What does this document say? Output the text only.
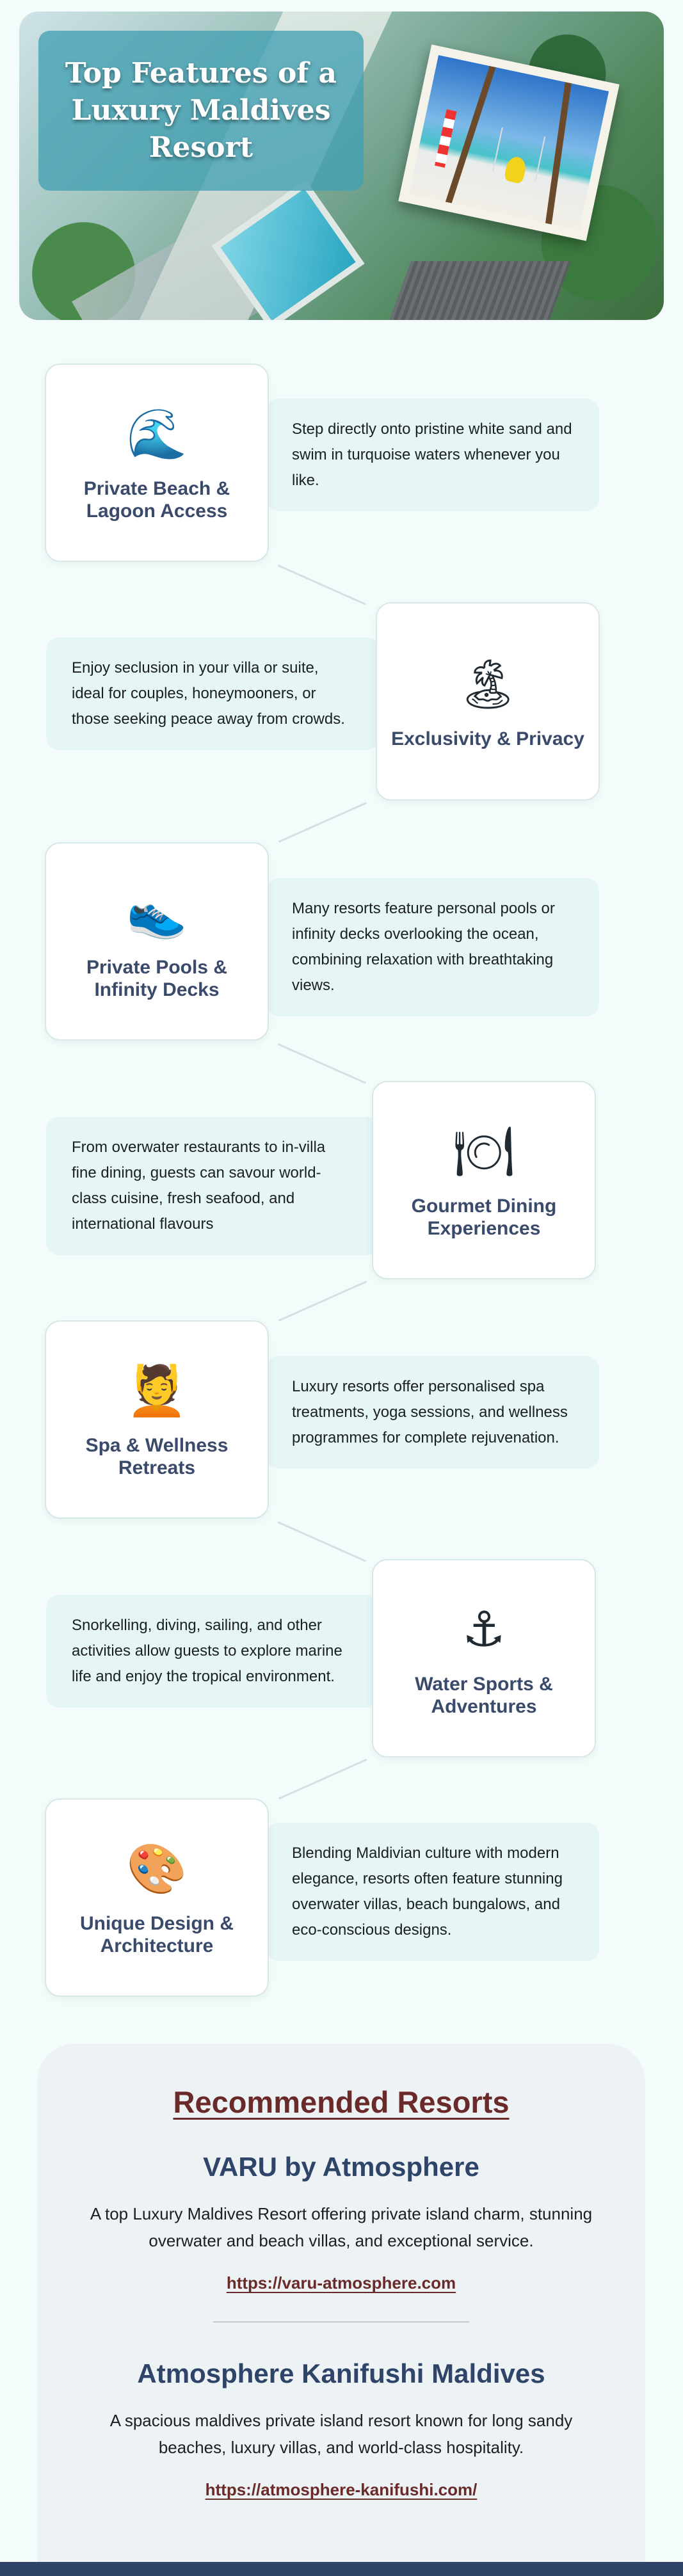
Top Features of a Luxury Maldives Resort
Step directly onto pristine white sand and swim in turquoise waters whenever you like.
🌊
Private Beach & Lagoon Access
Enjoy seclusion in your villa or suite, ideal for couples, honeymooners, or those seeking peace away from crowds.
🏝
Exclusivity & Privacy
Many resorts feature personal pools or infinity decks overlooking the ocean, combining relaxation with breathtaking views.
👟
Private Pools & Infinity Decks
From overwater restaurants to in-villa fine dining, guests can savour world-class cuisine, fresh seafood, and international flavours
🍽
Gourmet Dining Experiences
Luxury resorts offer personalised spa treatments, yoga sessions, and wellness programmes for complete rejuvenation.
💆
Spa & Wellness Retreats
Snorkelling, diving, sailing, and other activities allow guests to explore marine life and enjoy the tropical environment.
⚓
Water Sports & Adventures
Blending Maldivian culture with modern elegance, resorts often feature stunning overwater villas, beach bungalows, and eco-conscious designs.
🎨
Unique Design & Architecture
Recommended Resorts
VARU by Atmosphere

A top Luxury Maldives Resort offering private island charm, stunning overwater and beach villas, and exceptional service.

https://varu-atmosphere.com
Atmosphere Kanifushi Maldives

A spacious maldives private island resort known for long sandy beaches, luxury villas, and world-class hospitality.

https://atmosphere-kanifushi.com/
